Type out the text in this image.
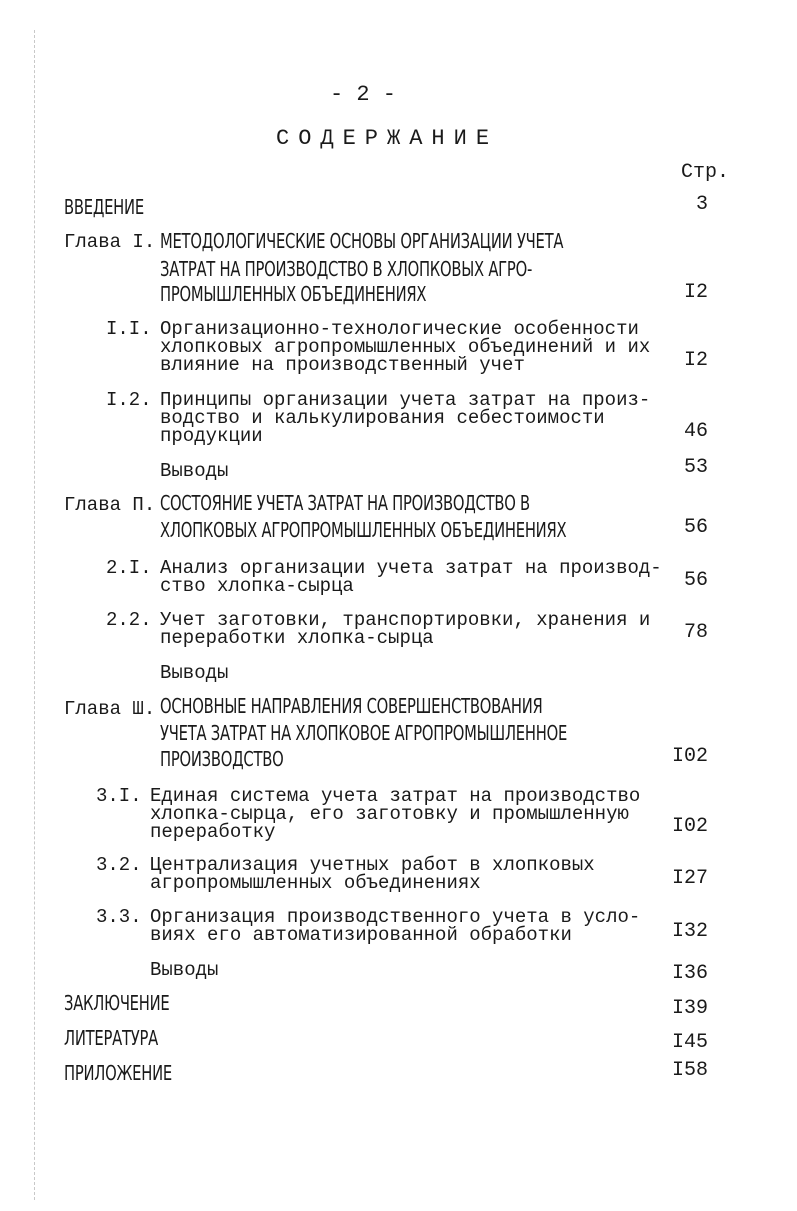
- 2 -
СОДЕРЖАНИЕ
Стр.
ВВЕДЕНИЕ	3
Глава I. МЕТОДОЛОГИЧЕСКИЕ ОСНОВЫ ОРГАНИЗАЦИИ УЧЕТА
ЗАТРАТ НА ПРОИЗВОДСТВО В ХЛОПКОВЫХ АГРО-
ПРОМЫШЛЕННЫХ ОБЪЕДИНЕНИЯХ	I2
I.I. Организационно-технологические особенности
хлопковых агропромышленных объединений и их
влияние на производственный учет	I2
I.2. Принципы организации учета затрат на произ-
водство и калькулирования себестоимости
продукции	46
Выводы	53
Глава П. СОСТОЯНИЕ УЧЕТА ЗАТРАТ НА ПРОИЗВОДСТВО В
ХЛОПКОВЫХ АГРОПРОМЫШЛЕННЫХ ОБЪЕДИНЕНИЯХ	56
2.I. Анализ организации учета затрат на производ-
ство хлопка-сырца	56
2.2. Учет заготовки, транспортировки, хранения и
переработки хлопка-сырца	78
Выводы
Глава Ш. ОСНОВНЫЕ НАПРАВЛЕНИЯ СОВЕРШЕНСТВОВАНИЯ
УЧЕТА ЗАТРАТ НА ХЛОПКОВОЕ АГРОПРОМЫШЛЕННОЕ
ПРОИЗВОДСТВО	I02
3.I. Единая система учета затрат на производство
хлопка-сырца, его заготовку и промышленную
переработку	I02
3.2. Централизация учетных работ в хлопковых
агропромышленных объединениях	I27
3.3. Организация производственного учета в усло-
виях его автоматизированной обработки	I32
Выводы	I36
ЗАКЛЮЧЕНИЕ	I39
ЛИТЕРАТУРА	I45
ПРИЛОЖЕНИЕ	I58
